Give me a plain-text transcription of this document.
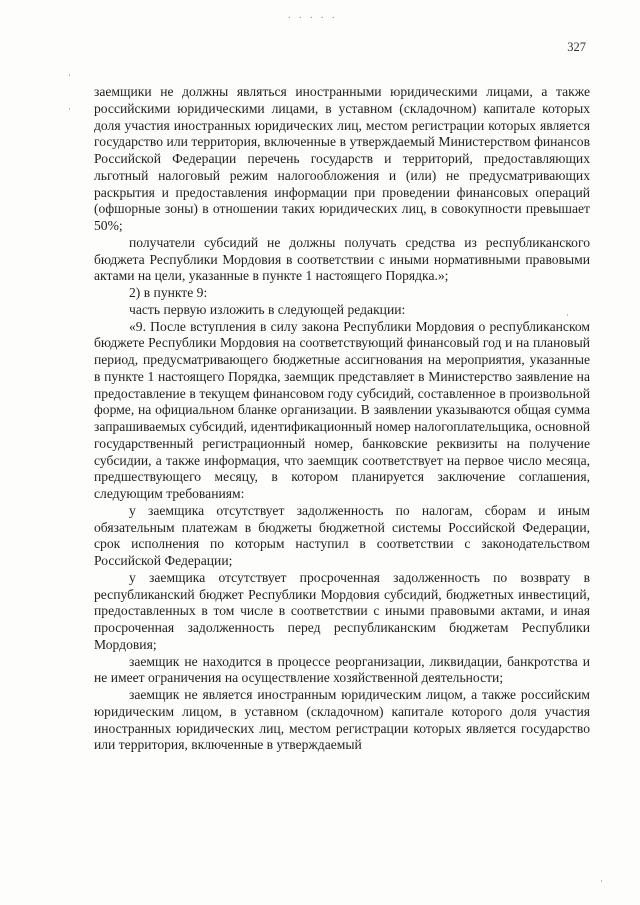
. . . . .
327
·
·
·
·

заемщики не должны являться иностранными юридическими лицами, а также российскими юридическими лицами, в уставном (складочном) капитале которых доля участия иностранных юридических лиц, местом регистрации которых является государство или территория, включенные в утверждаемый Министерством финансов Российской Федерации перечень государств и территорий, предоставляющих льготный налоговый режим налогообложения и (или) не предусматривающих раскрытия и предоставления информации при проведении финансовых операций (офшорные зоны) в отношении таких юридических лиц, в совокупности превышает 50%;

получатели субсидий не должны получать средства из республиканского бюджета Республики Мордовия в соответствии с иными нормативными правовыми актами на цели, указанные в пункте 1 настоящего Порядка.»;

2) в пункте 9:

часть первую изложить в следующей редакции:

«9. После вступления в силу закона Республики Мордовия о республиканском бюджете Республики Мордовия на соответствующий финансовый год и на плановый период, предусматривающего бюджетные ассигнования на мероприятия, указанные в пункте 1 настоящего Порядка, заемщик представляет в Министерство заявление на предоставление в текущем финансовом году субсидий, составленное в произвольной форме, на официальном бланке организации. В заявлении указываются общая сумма запрашиваемых субсидий, идентификационный номер налогоплательщика, основной государственный регистрационный номер, банковские реквизиты на получение субсидии, а также информация, что заемщик соответствует на первое число месяца, предшествующего месяцу, в котором планируется заключение соглашения, следующим требованиям:

у заемщика отсутствует задолженность по налогам, сборам и иным обязательным платежам в бюджеты бюджетной системы Российской Федерации, срок исполнения по которым наступил в соответствии с законодательством Российской Федерации;

у заемщика отсутствует просроченная задолженность по возврату в республиканский бюджет Республики Мордовия субсидий, бюджетных инвестиций, предоставленных в том числе в соответствии с иными правовыми актами, и иная просроченная задолженность перед республиканским бюджетам Республики Мордовия;

заемщик не находится в процессе реорганизации, ликвидации, банкротства и не имеет ограничения на осуществление хозяйственной деятельности;

заемщик не является иностранным юридическим лицом, а также российским юридическим лицом, в уставном (складочном) капитале которого доля участия иностранных юридических лиц, местом регистрации которых является государство или территория, включенные в утверждаемый
